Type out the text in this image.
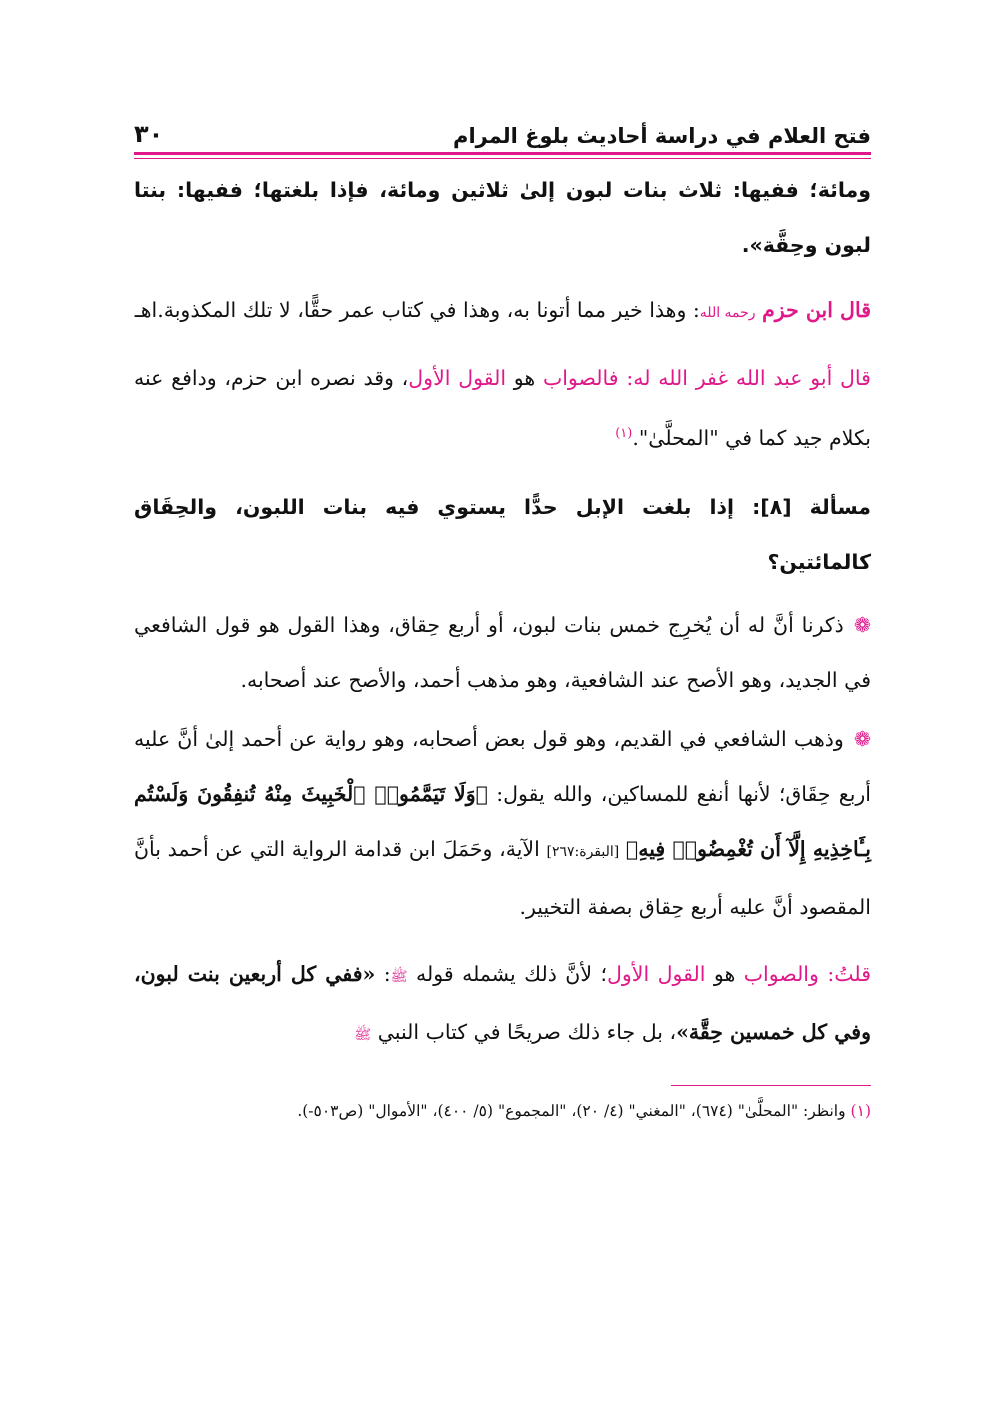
فتح العلام في دراسة أحاديث بلوغ المرام
٣٠

ومائة؛ ففيها: ثلاث بنات لبون إلىٰ ثلاثين ومائة، فإذا بلغتها؛ ففيها: بنتا لبون وحِقَّة».

قال ابن حزم رحمه الله: وهذا خير مما أتونا به، وهذا في كتاب عمر حقًّا، لا تلك المكذوبة.اهـ

قال أبو عبد الله غفر الله له: فالصواب هو القول الأول، وقد نصره ابن حزم، ودافع عنه بكلام جيد كما في "المحلَّىٰ".$^{(١)}$

مسألة [٨]: إذا بلغت الإبل حدًّا يستوي فيه بنات اللبون، والحِقَاق كالمائتين؟

❁ذكرنا أنَّ له أن يُخرِج خمس بنات لبون، أو أربع حِقاق، وهذا القول هو قول الشافعي في الجديد، وهو الأصح عند الشافعية، وهو مذهب أحمد، والأصح عند أصحابه.

❁وذهب الشافعي في القديم، وهو قول بعض أصحابه، وهو رواية عن أحمد إلىٰ أنَّ عليه أربع حِقَاق؛ لأنها أنفع للمساكين، والله يقول: ﴿وَلَا تَيَمَّمُوا۟ ٱلْخَبِيثَ مِنْهُ تُنفِقُونَ وَلَسْتُم بِـَٔاخِذِيهِ إِلَّآ أَن تُغْمِضُوا۟ فِيهِ﴾ [البقرة:٢٦٧] الآية، وحَمَلَ ابن قدامة الرواية التي عن أحمد بأنَّ المقصود أنَّ عليه أربع حِقاق بصفة التخيير.

قلتُ: والصواب هو القول الأول؛ لأنَّ ذلك يشمله قوله ﷺ: «ففي كل أربعين بنت لبون، وفي كل خمسين حِقَّة»، بل جاء ذلك صريحًا في كتاب النبي ﷺ

(١) وانظر: "المحلَّىٰ" (٦٧٤)، "المغني" (٤/ ٢٠)، "المجموع" (٥/ ٤٠٠)، "الأموال" (ص٥٠٣-).
